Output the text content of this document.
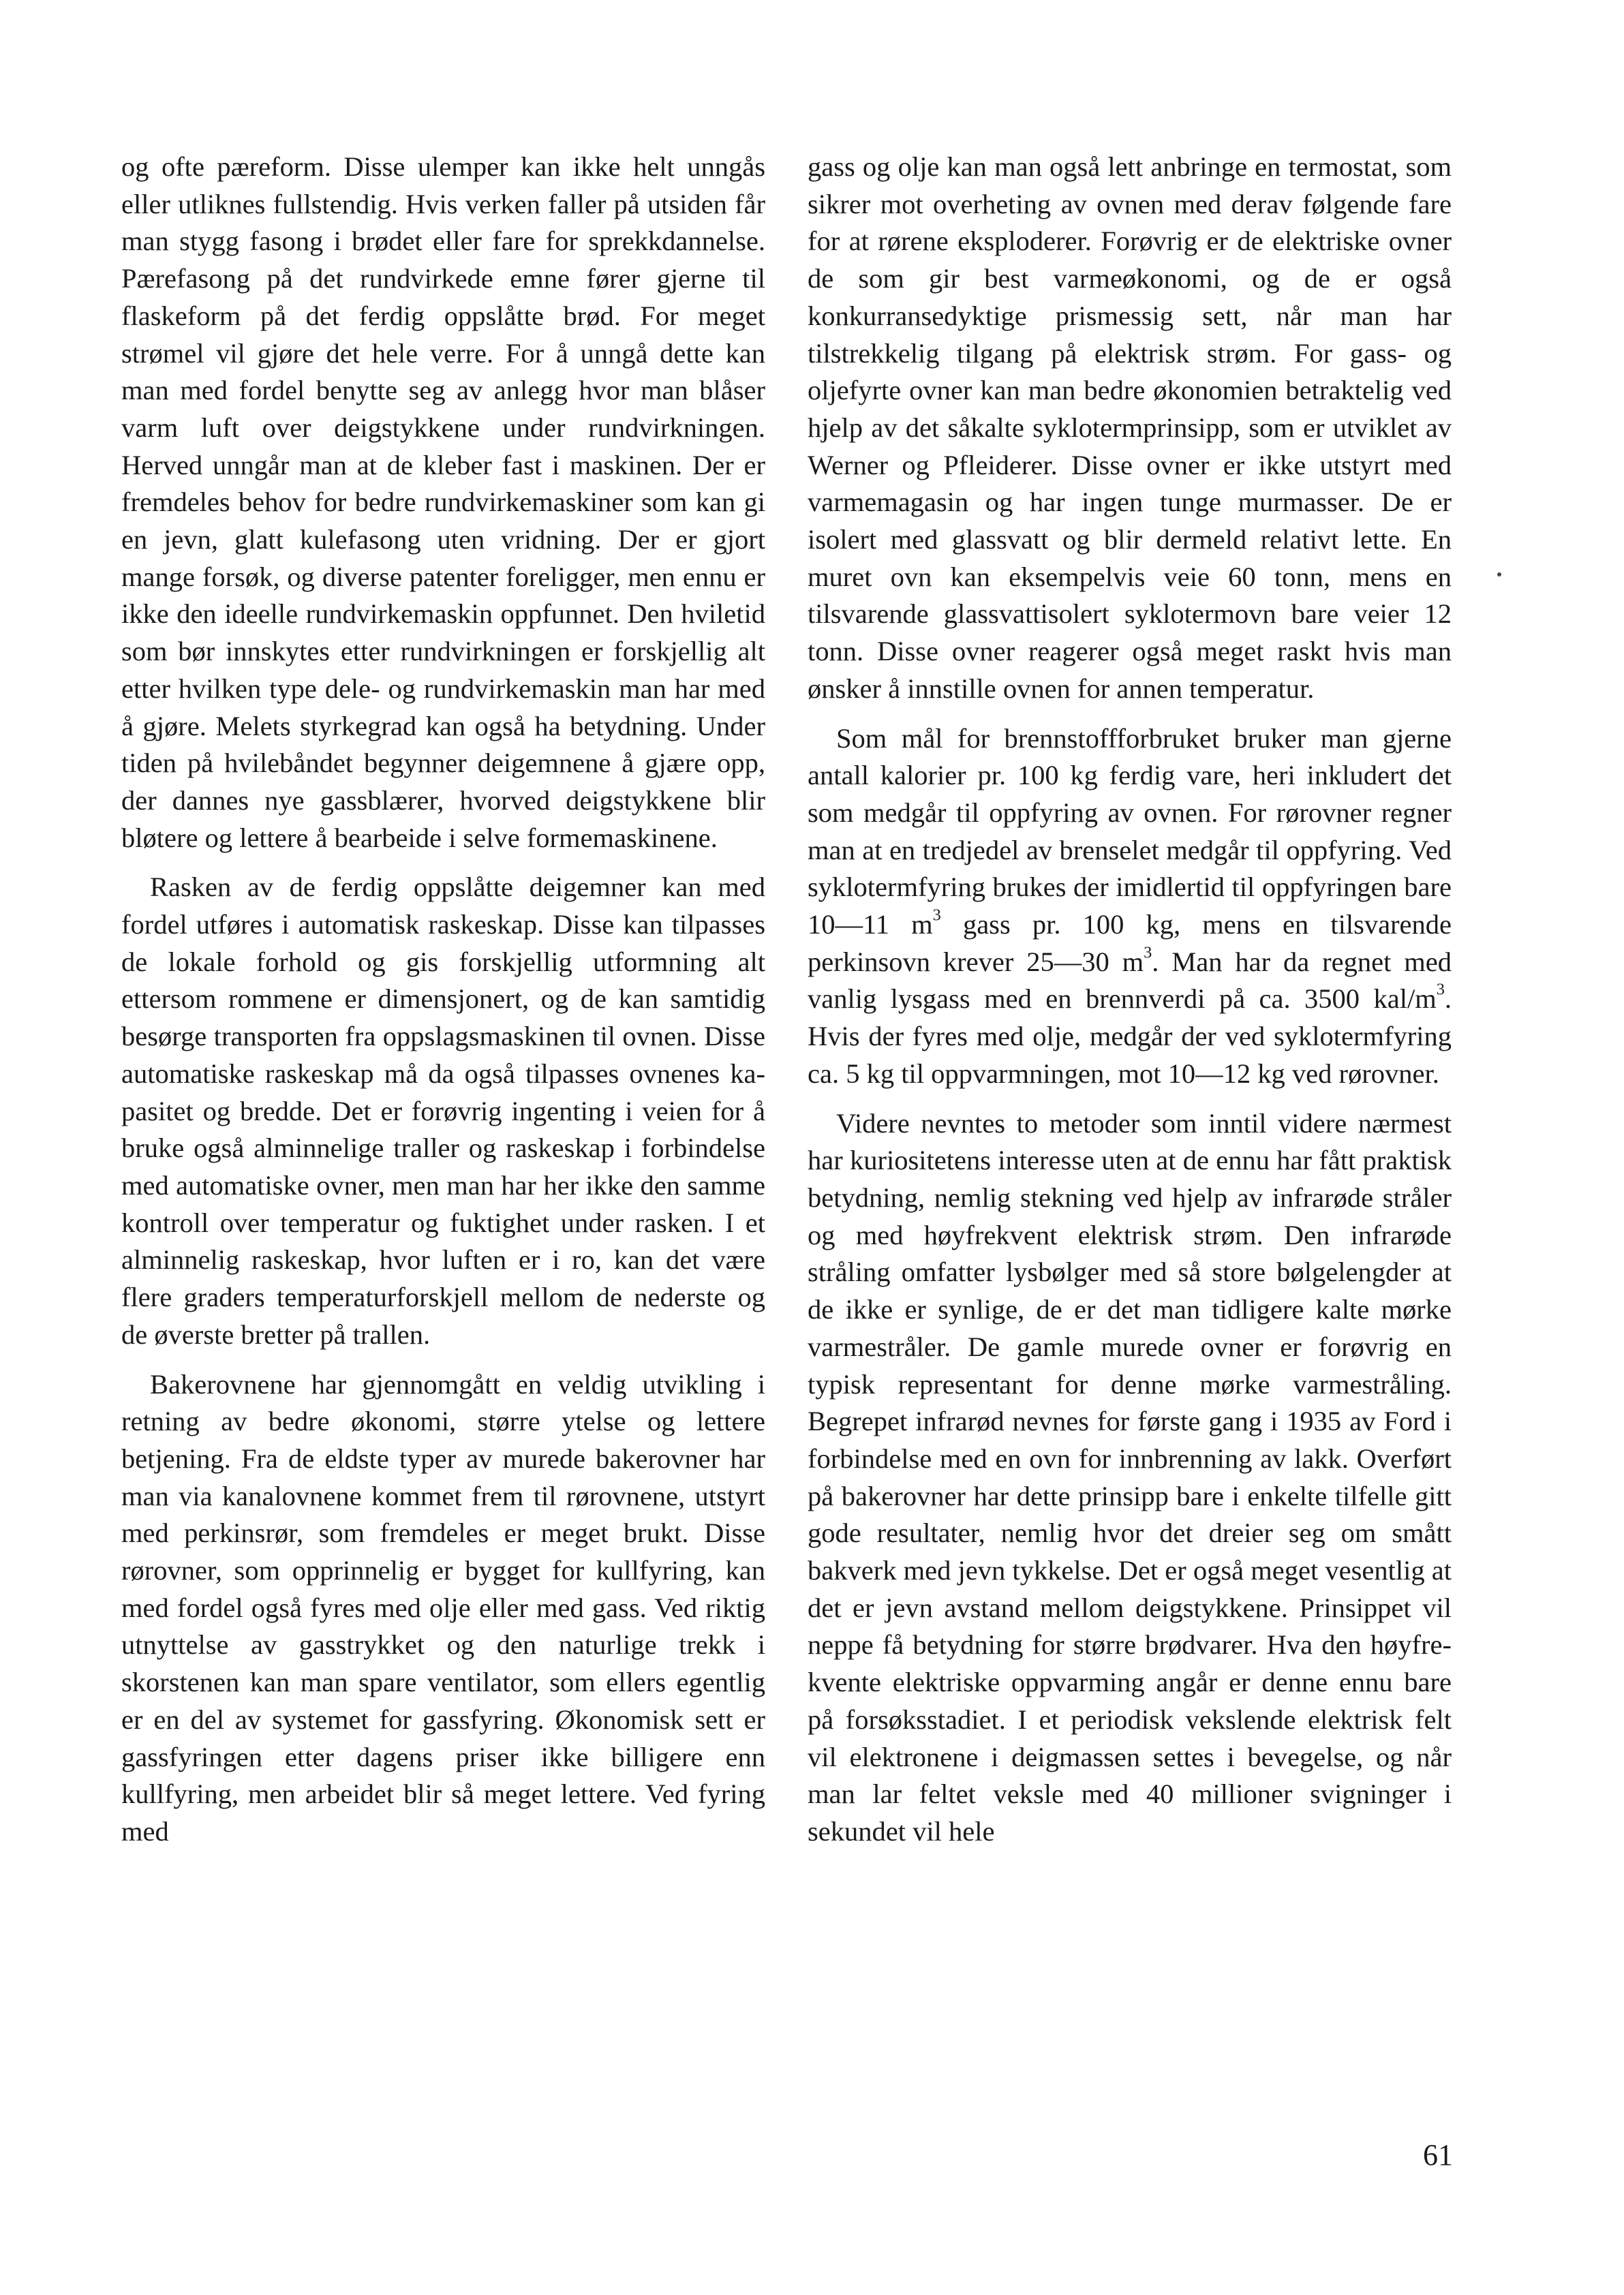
og ofte pæreform. Disse ulemper kan ikke helt unngås eller utliknes fullstendig. Hvis verken faller på utsiden får man stygg fasong i brødet eller fare for sprekkdannelse. Pærefasong på det rundvirkede emne fører gjerne til flaskeform på det ferdig oppslåtte brød. For meget strømel vil gjøre det hele verre. For å unngå dette kan man med fordel benytte seg av anlegg hvor man blåser varm luft over deigstykkene under rundvirkningen. Herved unngår man at de kleber fast i maskinen. Der er fremdeles behov for bedre rundvirkemaskiner som kan gi en jevn, glatt kulefasong uten vridning. Der er gjort mange forsøk, og diverse patenter foreligger, men ennu er ikke den ideelle rundvirkemaskin oppfunnet. Den hviletid som bør innskytes etter rundvirkningen er forskjellig alt etter hvilken type dele- og rundvirkemaskin man har med å gjøre. Melets styrkegrad kan også ha betydning. Under tiden på hvilebåndet begynner deigemnene å gjære opp, der dannes nye gassblærer, hvorved deigstykkene blir bløtere og lettere å bearbeide i selve formemaskinene.

Rasken av de ferdig oppslåtte deigemner kan med fordel utføres i automatisk raskeskap. Disse kan tilpasses de lokale forhold og gis forskjellig utformning alt ettersom rommene er dimensjonert, og de kan samtidig besørge transporten fra oppslagsmaskinen til ovnen. Disse automatiske raskeskap må da også tilpasses ovnenes kapasitet og bredde. Det er forøvrig ingenting i veien for å bruke også alminnelige traller og raskeskap i forbindelse med automatiske ovner, men man har her ikke den samme kontroll over temperatur og fuktighet under rasken. I et alminnelig raskeskap, hvor luften er i ro, kan det være flere graders temperaturforskjell mellom de nederste og de øverste bretter på trallen.

Bakerovnene har gjennomgått en veldig utvikling i retning av bedre økonomi, større ytelse og lettere betjening. Fra de eldste typer av murede bakerovner har man via kanalovnene kommet frem til rørovnene, utstyrt med perkinsrør, som fremdeles er meget brukt. Disse rørovner, som opprinnelig er bygget for kullfyring, kan med fordel også fyres med olje eller med gass. Ved riktig utnyttelse av gasstrykket og den naturlige trekk i skorstenen kan man spare ventilator, som ellers egentlig er en del av systemet for gassfyring. Økonomisk sett er gassfyringen etter dagens priser ikke billigere enn kullfyring, men arbeidet blir så meget lettere. Ved fyring med

gass og olje kan man også lett anbringe en termostat, som sikrer mot overheting av ovnen med derav følgende fare for at rørene eksploderer. Forøvrig er de elektriske ovner de som gir best varmeøkonomi, og de er også konkurransedyktige prismessig sett, når man har tilstrekkelig tilgang på elektrisk strøm. For gass- og oljefyrte ovner kan man bedre økonomien betraktelig ved hjelp av det såkalte syklotermprinsipp, som er utviklet av Werner og Pfleiderer. Disse ovner er ikke utstyrt med varmemagasin og har ingen tunge murmasser. De er isolert med glassvatt og blir dermeld relativt lette. En muret ovn kan eksempelvis veie 60 tonn, mens en tilsvarende glassvattisolert syklotermovn bare veier 12 tonn. Disse ovner reagerer også meget raskt hvis man ønsker å innstille ovnen for annen temperatur.

Som mål for brennstoffforbruket bruker man gjerne antall kalorier pr. 100 kg ferdig vare, heri inkludert det som medgår til oppfyring av ovnen. For rørovner regner man at en tredjedel av brenselet medgår til oppfyring. Ved syklotermfyring brukes der imidlertid til oppfyringen bare 10—11 $m^3$ gass pr. 100 kg, mens en tilsvarende perkinsovn krever 25—30 $m^3$. Man har da regnet med vanlig lysgass med en brennverdi på ca. 3500 kal/$m^3$. Hvis der fyres med olje, medgår der ved syklotermfyring ca. 5 kg til oppvarmningen, mot 10—12 kg ved rørovner.

Videre nevntes to metoder som inntil videre nærmest har kuriositetens interesse uten at de ennu har fått praktisk betydning, nemlig stekning ved hjelp av infrarøde stråler og med høyfrekvent elektrisk strøm. Den infrarøde stråling omfatter lysbølger med så store bølgelengder at de ikke er synlige, de er det man tidligere kalte mørke varmestråler. De gamle murede ovner er forøvrig en typisk representant for denne mørke varmestråling. Begrepet infrarød nevnes for første gang i 1935 av Ford i forbindelse med en ovn for innbrenning av lakk. Overført på bakerovner har dette prinsipp bare i enkelte tilfelle gitt gode resultater, nemlig hvor det dreier seg om smått bakverk med jevn tykkelse. Det er også meget vesentlig at det er jevn avstand mellom deigstykkene. Prinsippet vil neppe få betydning for større brødvarer. Hva den høyfrekvente elektriske oppvarming angår er denne ennu bare på forsøksstadiet. I et periodisk vekslende elektrisk felt vil elektronene i deigmassen settes i bevegelse, og når man lar feltet veksle med 40 millioner svigninger i sekundet vil hele

61
